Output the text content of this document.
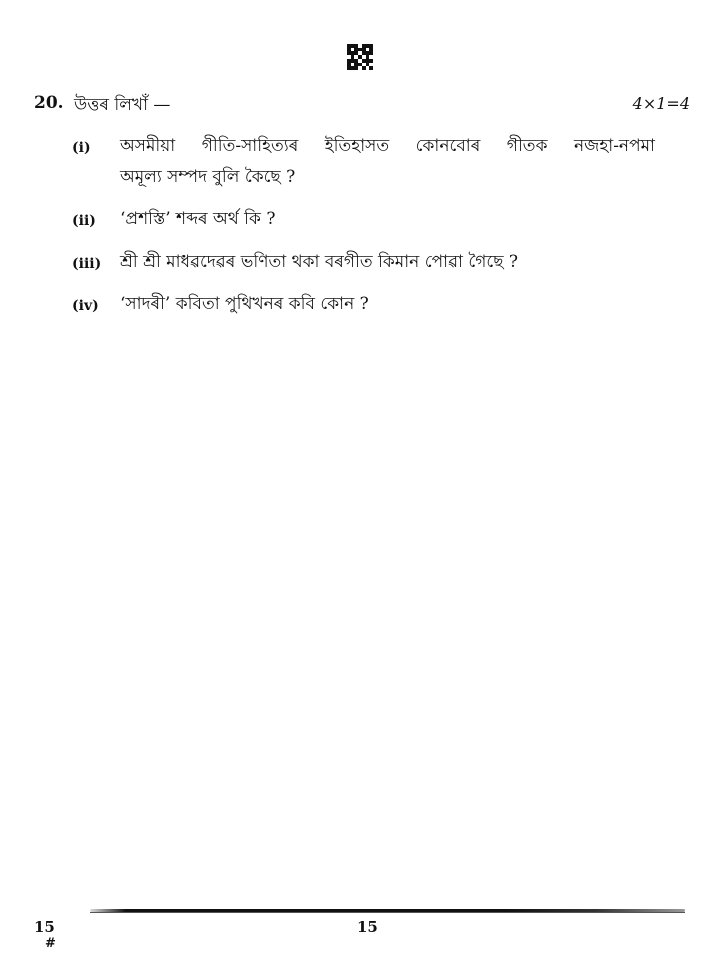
20. উত্তৰ লিখাঁ —	4×1=4
(i) অসমীয়া গীতি-সাহিত্যৰ ইতিহাসত কোনবোৰ গীতক নজহা-নপমা
অমূল্য সম্পদ বুলি কৈছে ?
(ii) ‘প্ৰশস্তি’ শব্দৰ অৰ্থ কি ?
(iii) শ্ৰী শ্ৰী মাধৱদেৱৰ ভণিতা থকা বৰগীত কিমান পোৱা গৈছে ?
(iv) ‘সাদৰী’ কবিতা পুথিখনৰ কবি কোন ?
15
#
15
